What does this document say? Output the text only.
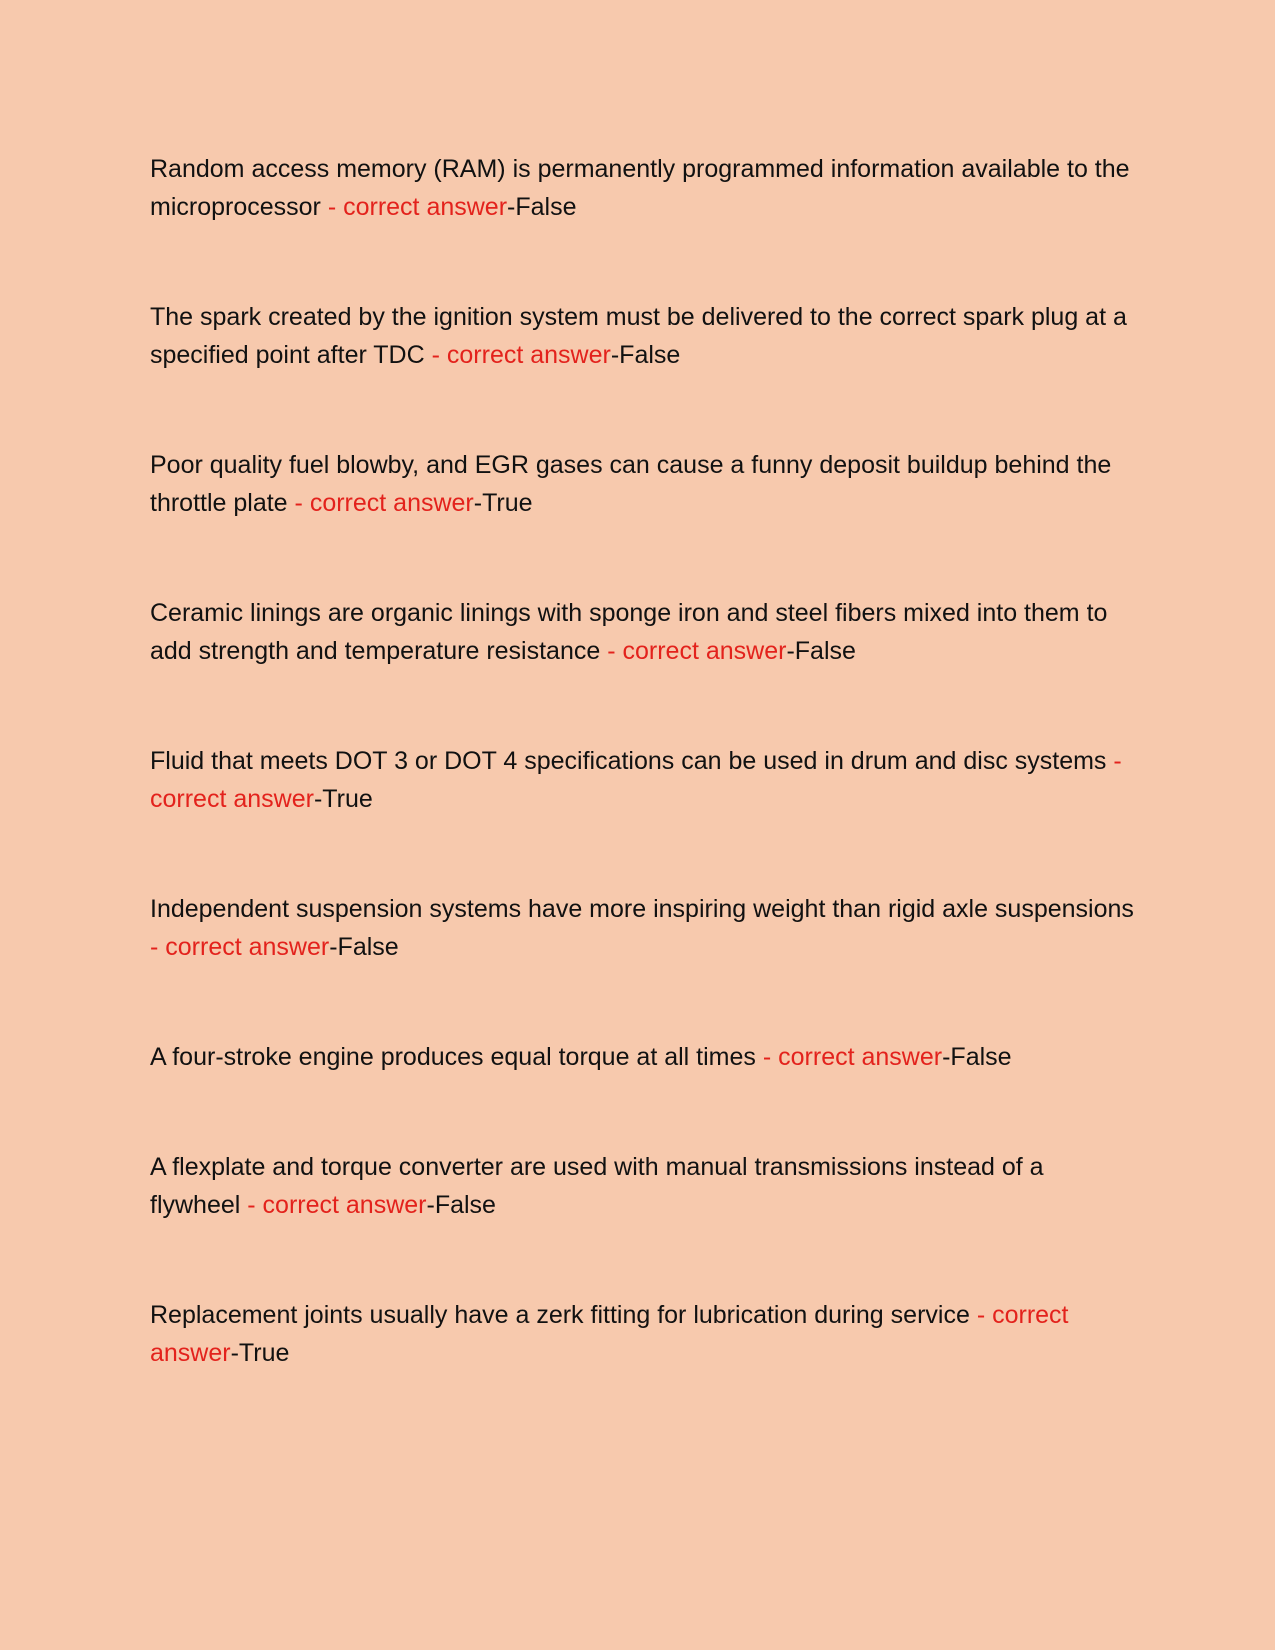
Random access memory (RAM) is permanently programmed information available to the microprocessor - correct answer-False

The spark created by the ignition system must be delivered to the correct spark plug at a specified point after TDC - correct answer-False

Poor quality fuel blowby, and EGR gases can cause a funny deposit buildup behind the throttle plate - correct answer-True

Ceramic linings are organic linings with sponge iron and steel fibers mixed into them to add strength and temperature resistance - correct answer-False

Fluid that meets DOT 3 or DOT 4 specifications can be used in drum and disc systems - correct answer-True

Independent suspension systems have more inspiring weight than rigid axle suspensions - correct answer-False

A four-stroke engine produces equal torque at all times - correct answer-False

A flexplate and torque converter are used with manual transmissions instead of a flywheel - correct answer-False

Replacement joints usually have a zerk fitting for lubrication during service - correct answer-True
